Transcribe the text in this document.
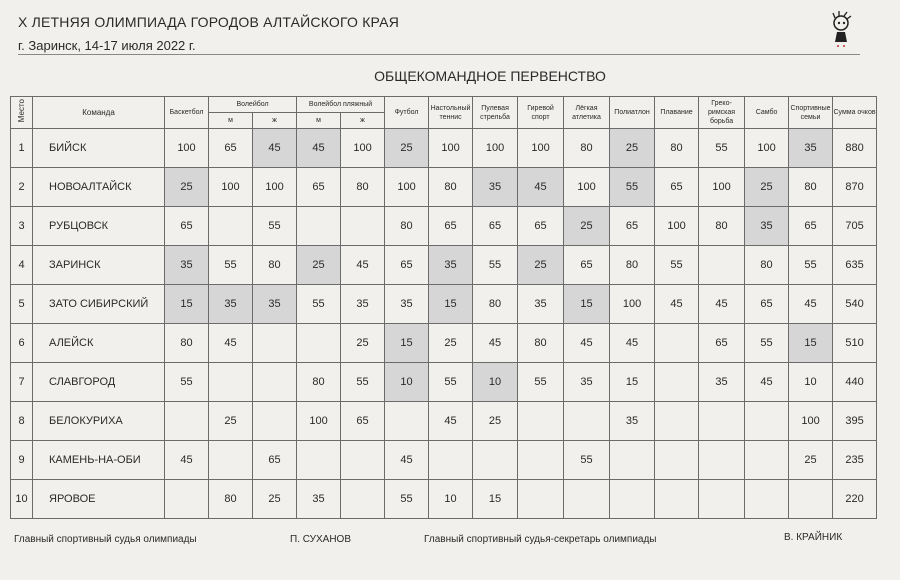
X ЛЕТНЯЯ ОЛИМПИАДА ГОРОДОВ АЛТАЙСКОГО КРАЯ
г. Заринск, 14-17 июля 2022 г.
ОБЩЕКОМАНДНОЕ ПЕРВЕНСТВО
Место	Команда	Баскетбол	Волейбол		Волейбол пляжный		Футбол	Настольный теннис	Пулевая стрельба	Гиревой спорт	Лёгкая атлетика	Полиатлон	Плавание	Греко-римская борьба	Самбо	Спортивные семьи	Сумма очков
			м	ж	м	ж											
1	БИЙСК	100	65	45	45	100	25	100	100	100	80	25	80	55	100	35	880
2	НОВОАЛТАЙСК	25	100	100	65	80	100	80	35	45	100	55	65	100	25	80	870
3	РУБЦОВСК	65		55			80	65	65	65	25	65	100	80	35	65	705
4	ЗАРИНСК	35	55	80	25	45	65	35	55	25	65	80	55		80	55	635
5	ЗАТО СИБИРСКИЙ	15	35	35	55	35	35	15	80	35	15	100	45	45	65	45	540
6	АЛЕЙСК	80	45			25	15	25	45	80	45	45		65	55	15	510
7	СЛАВГОРОД	55			80	55	10	55	10	55	35	15		35	45	10	440
8	БЕЛОКУРИХА		25		100	65		45	25			35				100	395
9	КАМЕНЬ-НА-ОБИ	45		65			45				55					25	235
10	ЯРОВОЕ		80	25	35		55	10	15								220
Главный спортивный судья олимпиады	П. СУХАНОВ	Главный спортивный судья-секретарь олимпиады	В. КРАЙНИК
